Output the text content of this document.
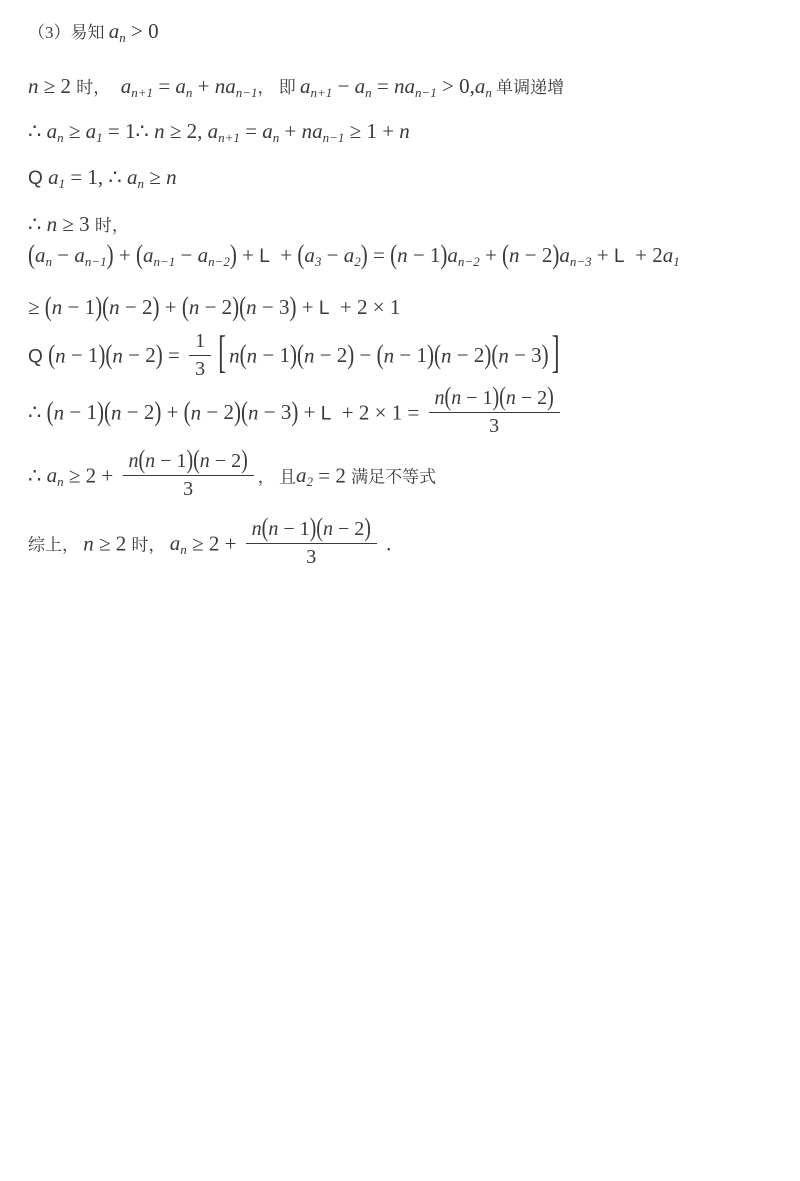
（3）易知 $a_n > 0$
n ≥ 2 时， $a_{n+1} = a_n + na_{n-1}$， 即 $a_{n+1} - a_n = na_{n-1} > 0,a_n$ 单调递增
∴ $a_n \ge a_1$ = 1∴ n ≥ 2, $a_{n+1} = a_n + na_{n-1} \ge 1 + n$
Q $a_1 = 1$, ∴ $a_n \ge n$
∴ n ≥ 3 时，
$(a_n - a_{n-1}) + (a_{n-1} - a_{n-2}) + L + (a_3 - a_2) = (n - 1)a_{n-2} + (n - 2)a_{n-3} + L + 2a_1$
≥ (n − 1)(n − 2) + (n − 2)(n − 3) + L + 2 × 1
Q $(n - 1)(n - 2) = \frac{1}{3}$ [ n(n − 1)(n − 2) − (n − 1)(n − 2)(n − 3) ]
∴ $(n - 1)(n - 2) + (n - 2)(n - 3) + L + 2 \times 1 = \frac{n(n - 1)(n - 2)}{3}$
∴ $a_n \ge 2 + \frac{n(n - 1)(n - 2)}{3}$ ， 且$a_2 = 2$ 满足不等式
综上， n ≥ 2 时， $a_n \ge 2 + \frac{n(n - 1)(n - 2)}{3}$ .
